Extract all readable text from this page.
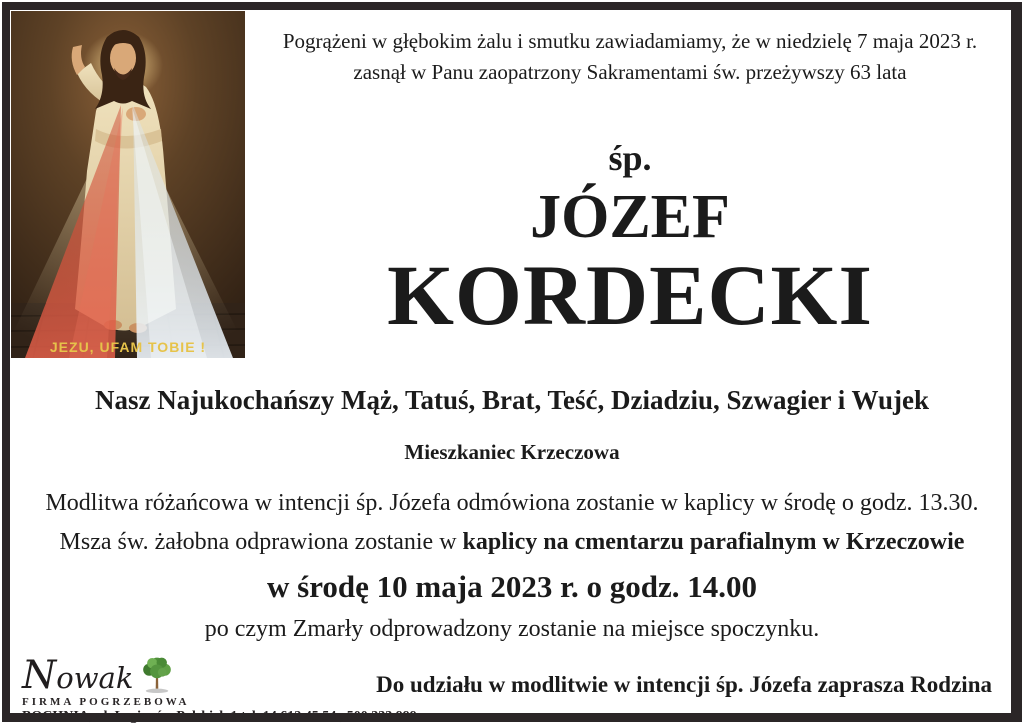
JEZU, UFAM TOBIE !
Pogrążeni w głębokim żalu i smutku zawiadamiamy, że w niedzielę 7 maja 2023 r.
zasnął w Panu zaopatrzony Sakramentami św. przeżywszy 63 lata
śp.
JÓZEF
KORDECKI
Nasz Najukochańszy Mąż, Tatuś, Brat, Teść, Dziadziu, Szwagier i Wujek
Mieszkaniec Krzeczowa
Modlitwa różańcowa w intencji śp. Józefa odmówiona zostanie w kaplicy w środę o godz. 13.30.
Msza św. żałobna odprawiona zostanie w kaplicy na cmentarzu parafialnym w Krzeczowie
w środę 10 maja 2023 r. o godz. 14.00
po czym Zmarły odprowadzony zostanie na miejsce spoczynku.
Do udziału w modlitwie w intencji śp. Józefa zaprasza Rodzina
Nowak
FIRMA POGRZEBOWA
BOCHNIA, ul. Legionów Polskich 1 tel. 14 612 45 54 , 500 333 999
